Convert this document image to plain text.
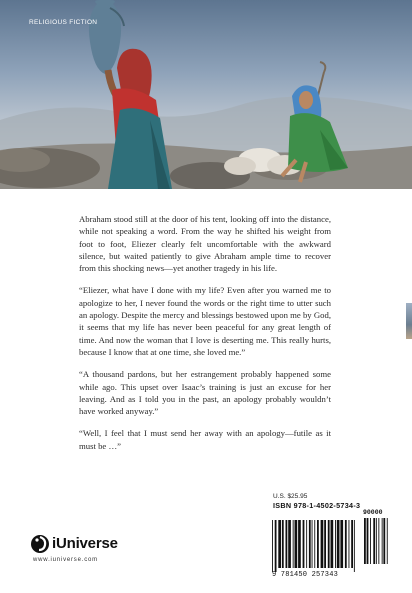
RELIGIOUS FICTION

Abraham stood still at the door of his tent, looking off into the distance, while not speaking a word. From the way he shifted his weight from foot to foot, Eliezer clearly felt uncomfortable with the awkward silence, but waited patiently to give Abraham ample time to recover from this shocking news—yet another tragedy in his life.

“Eliezer, what have I done with my life? Even after you warned me to apologize to her, I never found the words or the right time to utter such an apology. Despite the mercy and blessings bestowed upon me by God, it seems that my life has never been peaceful for any great length of time. And now the woman that I love is deserting me. This really hurts, because I know that at one time, she loved me.”

“A thousand pardons, but her estrangement probably happened some while ago. This upset over Isaac’s training is just an excuse for her leaving. And as I told you in the past, an apology probably wouldn’t have worked anyway.”

“Well, I feel that I must send her away with an apology—futile as it must be …”

iUniverse
www.iuniverse.com
U.S. $25.95
ISBN 978-1-4502-5734-3
90000
9 781450 257343
